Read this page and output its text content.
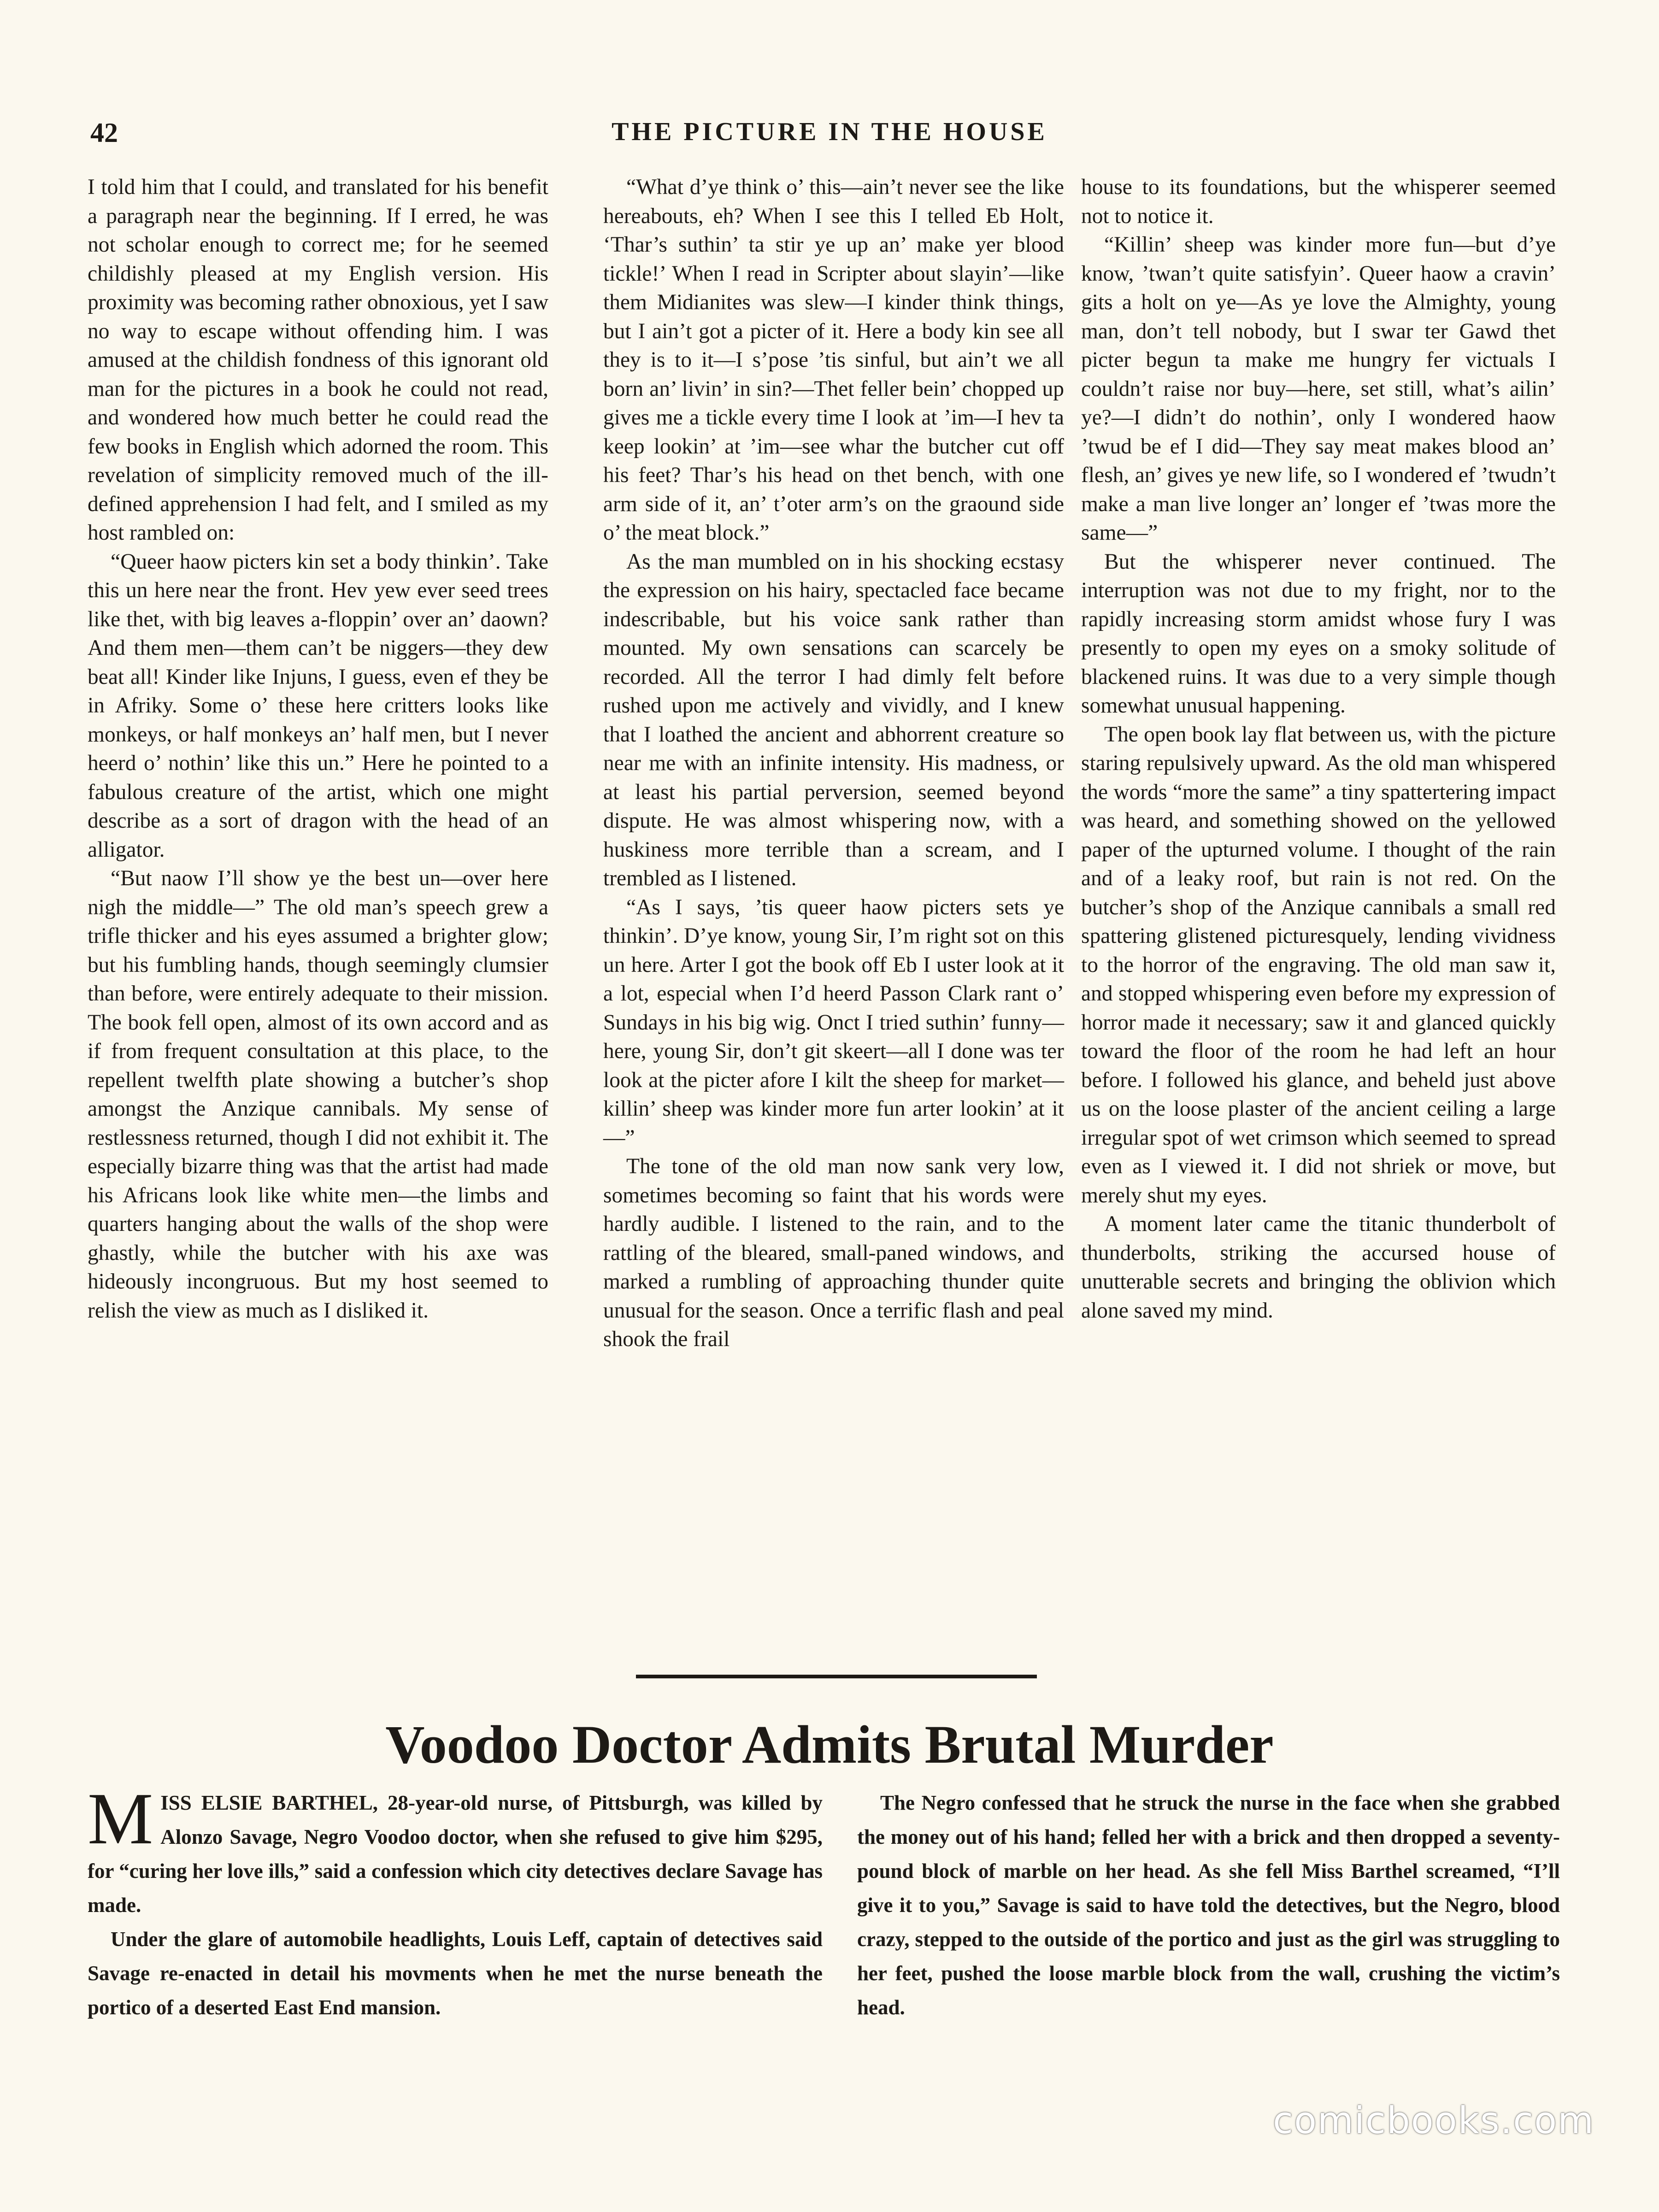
42	THE PICTURE IN THE HOUSE

I told him that I could, and translated for his benefit a paragraph near the beginning. If I erred, he was not scholar enough to correct me; for he seemed childishly pleased at my English version. His proximity was becoming rather obnoxious, yet I saw no way to escape without offending him. I was amused at the childish fondness of this ignorant old man for the pictures in a book he could not read, and wondered how much better he could read the few books in English which adorned the room. This revelation of simplicity removed much of the ill-defined apprehension I had felt, and I smiled as my host rambled on:

“Queer haow picters kin set a body thinkin’. Take this un here near the front. Hev yew ever seed trees like thet, with big leaves a-floppin’ over an’ daown? And them men—them can’t be niggers—they dew beat all! Kinder like Injuns, I guess, even ef they be in Afriky. Some o’ these here critters looks like monkeys, or half monkeys an’ half men, but I never heerd o’ nothin’ like this un.” Here he pointed to a fabulous creature of the artist, which one might describe as a sort of dragon with the head of an alligator.

“But naow I’ll show ye the best un—over here nigh the middle—” The old man’s speech grew a trifle thicker and his eyes assumed a brighter glow; but his fumbling hands, though seemingly clumsier than before, were entirely adequate to their mission. The book fell open, almost of its own accord and as if from frequent consultation at this place, to the repellent twelfth plate showing a butcher’s shop amongst the Anzique cannibals. My sense of restlessness returned, though I did not exhibit it. The especially bizarre thing was that the artist had made his Africans look like white men—the limbs and quarters hanging about the walls of the shop were ghastly, while the butcher with his axe was hideously incongruous. But my host seemed to relish the view as much as I disliked it.

“What d’ye think o’ this—ain’t never see the like hereabouts, eh? When I see this I telled Eb Holt, ‘Thar’s suthin’ ta stir ye up an’ make yer blood tickle!’ When I read in Scripter about slayin’—like them Midianites was slew—I kinder think things, but I ain’t got a picter of it. Here a body kin see all they is to it—I s’pose ’tis sinful, but ain’t we all born an’ livin’ in sin?—Thet feller bein’ chopped up gives me a tickle every time I look at ’im—I hev ta keep lookin’ at ’im—see whar the butcher cut off his feet? Thar’s his head on thet bench, with one arm side of it, an’ t’oter arm’s on the graound side o’ the meat block.”

As the man mumbled on in his shocking ecstasy the expression on his hairy, spectacled face became indescribable, but his voice sank rather than mounted. My own sensations can scarcely be recorded. All the terror I had dimly felt before rushed upon me actively and vividly, and I knew that I loathed the ancient and abhorrent creature so near me with an infinite intensity. His madness, or at least his partial perversion, seemed beyond dispute. He was almost whispering now, with a huskiness more terrible than a scream, and I trembled as I listened.

“As I says, ’tis queer haow picters sets ye thinkin’. D’ye know, young Sir, I’m right sot on this un here. Arter I got the book off Eb I uster look at it a lot, especial when I’d heerd Passon Clark rant o’ Sundays in his big wig. Onct I tried suthin’ funny—here, young Sir, don’t git skeert—all I done was ter look at the picter afore I kilt the sheep for market—killin’ sheep was kinder more fun arter lookin’ at it—”

The tone of the old man now sank very low, sometimes becoming so faint that his words were hardly audible. I listened to the rain, and to the rattling of the bleared, small-paned windows, and marked a rumbling of approaching thunder quite unusual for the season. Once a terrific flash and peal shook the frail

house to its foundations, but the whisperer seemed not to notice it.

“Killin’ sheep was kinder more fun—but d’ye know, ’twan’t quite satisfyin’. Queer haow a cravin’ gits a holt on ye—As ye love the Almighty, young man, don’t tell nobody, but I swar ter Gawd thet picter begun ta make me hungry fer victuals I couldn’t raise nor buy—here, set still, what’s ailin’ ye?—I didn’t do nothin’, only I wondered haow ’twud be ef I did—They say meat makes blood an’ flesh, an’ gives ye new life, so I wondered ef ’twudn’t make a man live longer an’ longer ef ’twas more the same—”

But the whisperer never continued. The interruption was not due to my fright, nor to the rapidly increasing storm amidst whose fury I was presently to open my eyes on a smoky solitude of blackened ruins. It was due to a very simple though somewhat unusual happening.

The open book lay flat between us, with the picture staring repulsively upward. As the old man whispered the words “more the same” a tiny spattertering impact was heard, and something showed on the yellowed paper of the upturned volume. I thought of the rain and of a leaky roof, but rain is not red. On the butcher’s shop of the Anzique cannibals a small red spattering glistened picturesquely, lending vividness to the horror of the engraving. The old man saw it, and stopped whispering even before my expression of horror made it necessary; saw it and glanced quickly toward the floor of the room he had left an hour before. I followed his glance, and beheld just above us on the loose plaster of the ancient ceiling a large irregular spot of wet crimson which seemed to spread even as I viewed it. I did not shriek or move, but merely shut my eyes.

A moment later came the titanic thunderbolt of thunderbolts, striking the accursed house of unutterable secrets and bringing the oblivion which alone saved my mind.

Voodoo Doctor Admits Brutal Murder

M ISS ELSIE BARTHEL, 28-year-old nurse, of Pittsburgh, was killed by Alonzo Savage, Negro Voodoo doctor, when she refused to give him $295, for “curing her love ills,” said a confession which city detectives declare Savage has made.

Under the glare of automobile headlights, Louis Leff, captain of detectives said Savage re-enacted in detail his movments when he met the nurse beneath the portico of a deserted East End mansion.

The Negro confessed that he struck the nurse in the face when she grabbed the money out of his hand; felled her with a brick and then dropped a seventy-pound block of marble on her head. As she fell Miss Barthel screamed, “I’ll give it to you,” Savage is said to have told the detectives, but the Negro, blood crazy, stepped to the outside of the portico and just as the girl was struggling to her feet, pushed the loose marble block from the wall, crushing the victim’s head.

comicbooks.com
